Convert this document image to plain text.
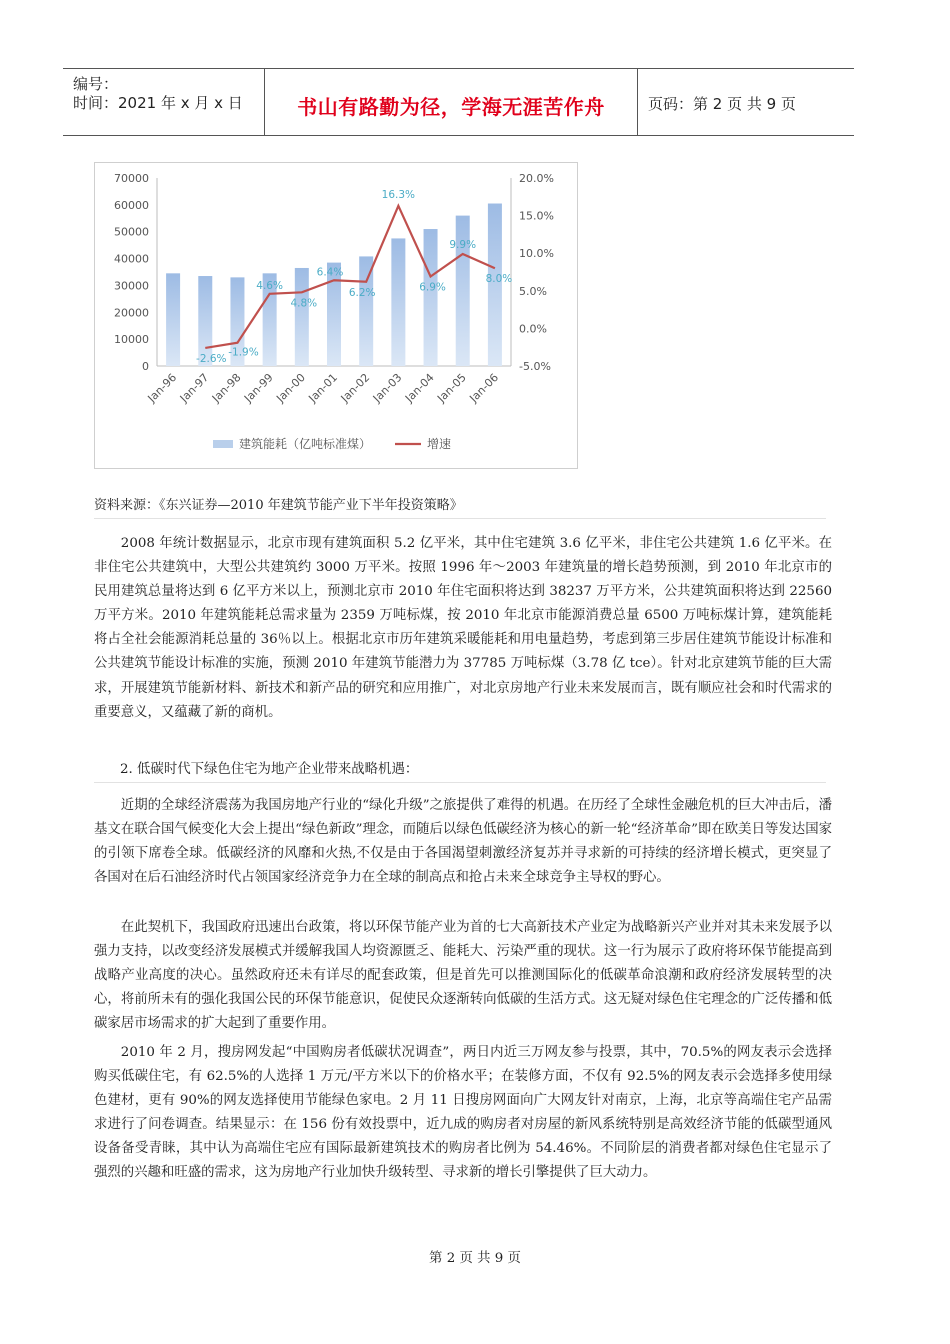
编号：
时间：2021 年 x 月 x 日	书山有路勤为径，学海无涯苦作舟	页码：第 2 页 共 9 页
70000
60000
50000
40000
30000
20000
10000
0
20.0%
15.0%
10.0%
5.0%
0.0%
-5.0%
Jan-96
Jan-97
Jan-98
Jan-99
Jan-00
Jan-01
Jan-02
Jan-03
Jan-04
Jan-05
Jan-06
-2.6%
-1.9%
4.6%
4.8%
6.4%
6.2%
16.3%
6.9%
9.9%
8.0%
建筑能耗（亿吨标准煤）	增速
资料来源：《东兴证券—2010 年建筑节能产业下半年投资策略》

2008 年统计数据显示，北京市现有建筑面积 5.2 亿平米，其中住宅建筑 3.6 亿平米，非住宅公共建筑 1.6 亿平米。在非住宅公共建筑中，大型公共建筑约 3000 万平米。按照 1996 年～2003 年建筑量的增长趋势预测，到 2010 年北京市的民用建筑总量将达到 6 亿平方米以上，预测北京市 2010 年住宅面积将达到 38237 万平方米，公共建筑面积将达到 22560 万平方米。2010 年建筑能耗总需求量为 2359 万吨标煤，按 2010 年北京市能源消费总量 6500 万吨标煤计算，建筑能耗将占全社会能源消耗总量的 36％以上。根据北京市历年建筑采暖能耗和用电量趋势，考虑到第三步居住建筑节能设计标准和公共建筑节能设计标准的实施，预测 2010 年建筑节能潜力为 37785 万吨标煤（3.78 亿 tce）。针对北京建筑节能的巨大需求，开展建筑节能新材料、新技术和新产品的研究和应用推广，对北京房地产行业未来发展而言，既有顺应社会和时代需求的重要意义，又蕴藏了新的商机。

2. 低碳时代下绿色住宅为地产企业带来战略机遇：

近期的全球经济震荡为我国房地产行业的“绿化升级”之旅提供了难得的机遇。在历经了全球性金融危机的巨大冲击后，潘基文在联合国气候变化大会上提出“绿色新政”理念，而随后以绿色低碳经济为核心的新一轮“经济革命”即在欧美日等发达国家的引领下席卷全球。低碳经济的风靡和火热,不仅是由于各国渴望刺激经济复苏并寻求新的可持续的经济增长模式，更突显了各国对在后石油经济时代占领国家经济竞争力在全球的制高点和抢占未来全球竞争主导权的野心。

在此契机下，我国政府迅速出台政策，将以环保节能产业为首的七大高新技术产业定为战略新兴产业并对其未来发展予以强力支持，以改变经济发展模式并缓解我国人均资源匮乏、能耗大、污染严重的现状。这一行为展示了政府将环保节能提高到战略产业高度的决心。虽然政府还未有详尽的配套政策，但是首先可以推测国际化的低碳革命浪潮和政府经济发展转型的决心，将前所未有的强化我国公民的环保节能意识，促使民众逐渐转向低碳的生活方式。这无疑对绿色住宅理念的广泛传播和低碳家居市场需求的扩大起到了重要作用。

2010 年 2 月，搜房网发起“中国购房者低碳状况调查”，两日内近三万网友参与投票，其中，70.5%的网友表示会选择购买低碳住宅，有 62.5%的人选择 1 万元/平方米以下的价格水平；在装修方面，不仅有 92.5%的网友表示会选择多使用绿色建材，更有 90%的网友选择使用节能绿色家电。2 月 11 日搜房网面向广大网友针对南京，上海，北京等高端住宅产品需求进行了问卷调查。结果显示：在 156 份有效投票中，近九成的购房者对房屋的新风系统特别是高效经济节能的低碳型通风设备备受青睐，其中认为高端住宅应有国际最新建筑技术的购房者比例为 54.46%。不同阶层的消费者都对绿色住宅显示了强烈的兴趣和旺盛的需求，这为房地产行业加快升级转型、寻求新的增长引擎提供了巨大动力。

第 2 页 共 9 页
